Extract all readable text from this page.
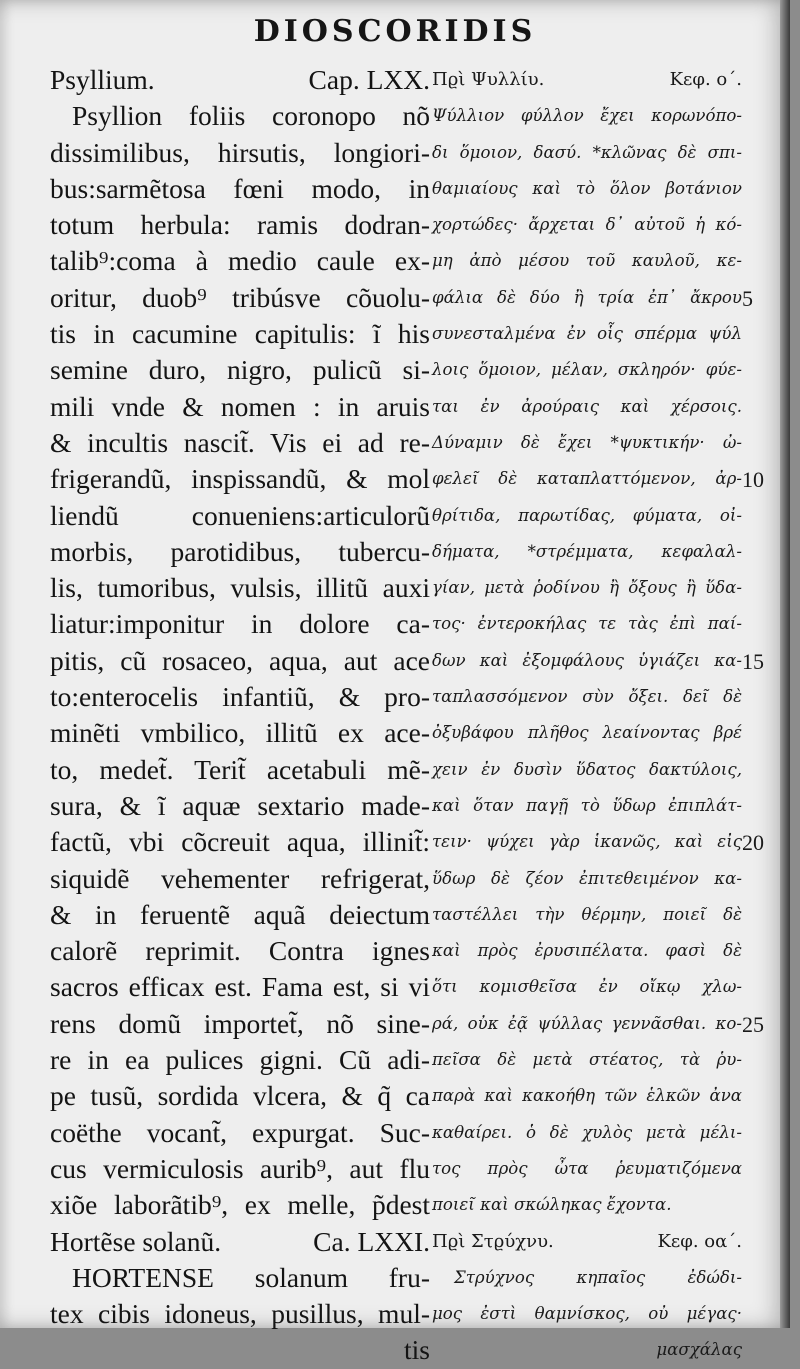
DIOSCORIDIS
Psyllium.	Cap. LXX.
Psyllion foliis coronopo nõ
dissimilibus, hirsutis, longiori-
bus:sarmẽtosa fœni modo, in
totum herbula: ramis dodran-
talib⁹:coma à medio caule ex-
oritur, duob⁹ tribúsve cõuolu-
tis in cacumine capitulis: ĩ his
semine duro, nigro, pulicũ si-
mili vnde & nomen : in aruis
& incultis nascit̃. Vis ei ad re-
frigerandũ, inspissandũ, & mol
liendũ conueniens:articulorũ
morbis, parotidibus, tubercu-
lis, tumoribus, vulsis, illitũ auxi
liatur:imponitur in dolore ca-
pitis, cũ rosaceo, aqua, aut ace
to:enterocelis infantiũ, & pro-
minẽti vmbilico, illitũ ex ace-
to, medet̃. Terit̃ acetabuli mẽ-
sura, & ĩ aquæ sextario made-
factũ, vbi cõcreuit aqua, illinit̃:
siquidẽ vehementer refrigerat,
& in feruentẽ aquã deiectum
calorẽ reprimit. Contra ignes
sacros efficax est. Fama est, si vi
rens domũ importet̃, nõ sine-
re in ea pulices gigni. Cũ adi-
pe tusũ, sordida vlcera, & q̃ ca
coëthe vocant̃, expurgat. Suc-
cus vermiculosis aurib⁹, aut flu
xiõe laborãtib⁹, ex melle, p̃dest
Hortẽse solanũ.	Ca. LXXI.
HORTENSE solanum fru-
tex cibis idoneus, pusillus, mul-
tis
Πϱὶ Ψυλλίυ.	Κεφ. ο΄.
Ψύλλιον φύλλον ἔχει κορωνόπο-
δι ὅμοιον, δασύ. *κλῶνας δὲ σπι-
θαμιαίους καὶ τὸ ὅλον βοτάνιον
χορτώδες· ἄρχεται δ᾽ αὐτοῦ ἡ κό-
μη ἀπὸ μέσου τοῦ καυλοῦ, κε-
φάλια δὲ δύο ἢ τρία ἐπ᾽ ἄκρου
συνεσταλμένα ἐν οἷς σπέρμα ψύλ
λοις ὅμοιον, μέλαν, σκληρόν· φύε-
ται ἐν ἀρούραις καὶ χέρσοις.
Δύναμιν δὲ ἔχει *ψυκτικήν· ὠ-
φελεῖ δὲ καταπλαττόμενον, ἀρ-
θρίτιδα, παρωτίδας, φύματα, οἰ-
δήματα, *στρέμματα, κεφαλαλ-
γίαν, μετὰ ῥοδίνου ἢ ὄξους ἢ ὕδα-
τος· ἐντεροκήλας τε τὰς ἐπὶ παί-
δων καὶ ἐξομφάλους ὑγιάζει κα-
ταπλασσόμενον σὺν ὄξει. δεῖ δὲ
ὀξυβάφου πλῆθος λεαίνοντας βρέ
χειν ἐν δυσὶν ὕδατος δακτύλοις,
καὶ ὅταν παγῇ τὸ ὕδωρ ἐπιπλάτ-
τειν· ψύχει γὰρ ἱκανῶς, καὶ εἰς
ὕδωρ δὲ ζέον ἐπιτεθειμένον κα-
ταστέλλει τὴν θέρμην, ποιεῖ δὲ
καὶ πρὸς ἐρυσιπέλατα. φασὶ δὲ
ὅτι κομισθεῖσα ἐν οἴκῳ χλω-
ρά, οὐκ ἐᾷ ψύλλας γεννᾶσθαι. κο-
πεῖσα δὲ μετὰ στέατος, τὰ ῥυ-
παρὰ καὶ κακοήθη τῶν ἑλκῶν ἀνα
καθαίρει. ὁ δὲ χυλὸς μετὰ μέλι-
τος πρὸς ὦτα ῥευματιζόμενα
ποιεῖ καὶ σκώληκας ἔχοντα.
Πϱὶ Στϱύχνυ.	Κεφ. οα΄.
Στρύχνος κηπαῖος ἐδώδι-
μος ἐστὶ θαμνίσκος, οὐ μέγας·
μασχάλας
5
10
15
20
25
